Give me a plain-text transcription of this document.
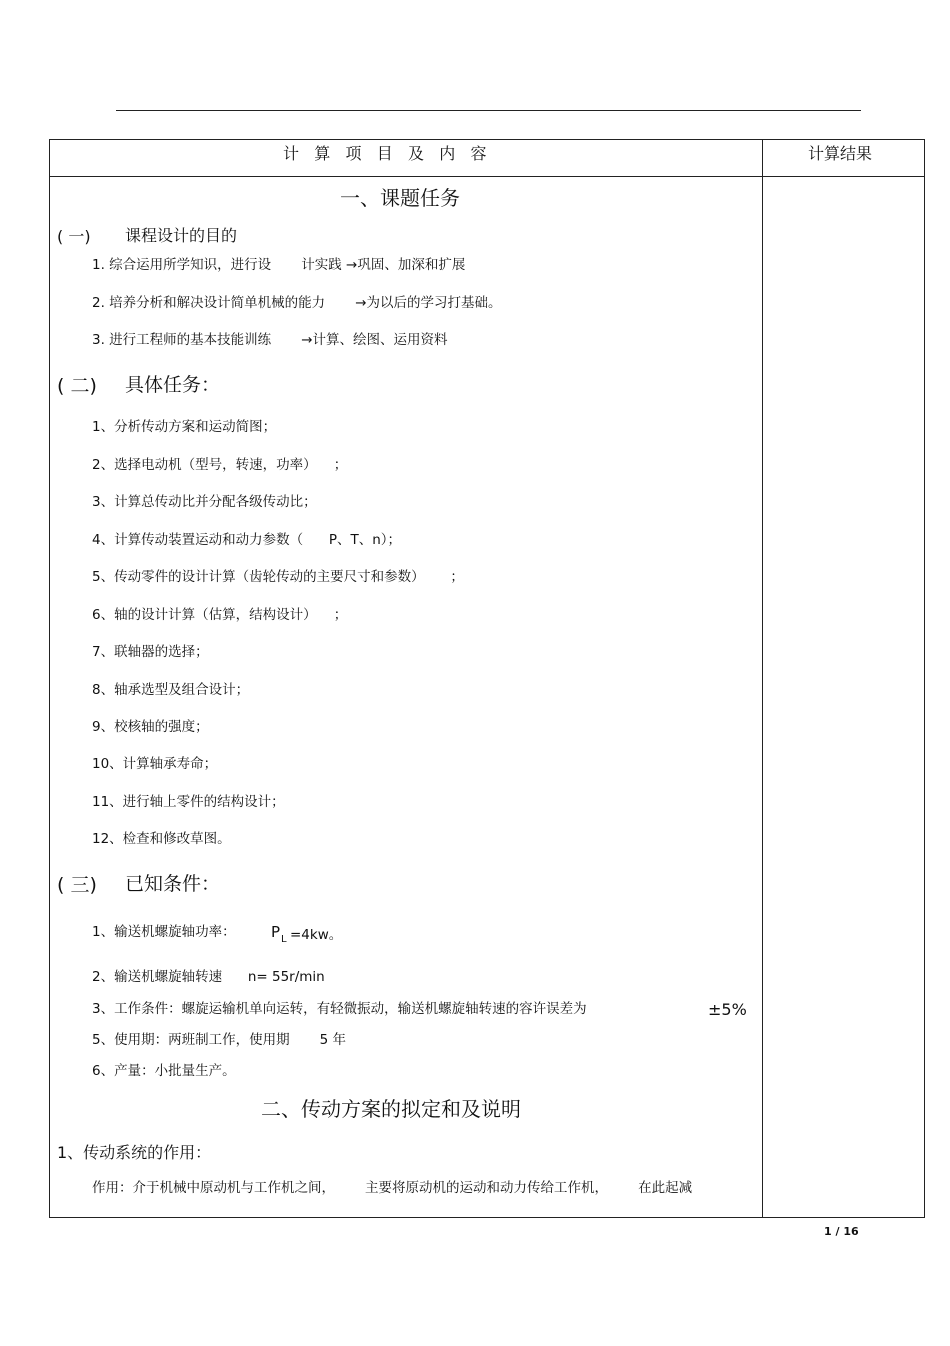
计   算   项   目   及   内   容	计算结果
一、课题任务
( 一) 课程设计的目的
1. 综合运用所学知识，进行设       计实践 →巩固、加深和扩展
2. 培养分析和解决设计简单机械的能力       →为以后的学习打基础。
3. 进行工程师的基本技能训练       →计算、绘图、运用资料
( 二) 具体任务：
1、分析传动方案和运动简图；
2、选择电动机（型号，转速，功率）    ；
3、计算总传动比并分配各级传动比；
4、计算传动装置运动和动力参数（      P、T、n）；
5、传动零件的设计计算（齿轮传动的主要尺寸和参数）      ；
6、轴的设计计算（估算，结构设计）    ；
7、联轴器的选择；
8、轴承选型及组合设计；
9、校核轴的强度；
10、计算轴承寿命；
11、进行轴上零件的结构设计；
12、检查和修改草图。
( 三) 已知条件：
1、输送机螺旋轴功率： P L =4kw。
2、输送机螺旋轴转速      n= 55r/min
3、工作条件：螺旋运输机单向运转，有轻微振动，输送机螺旋轴转速的容许误差为	±5%
5、使用期：两班制工作，使用期       5 年
6、产量：小批量生产。
二、传动方案的拟定和及说明
1、传动系统的作用：
作用：介于机械中原动机与工作机之间，       主要将原动机的运动和动力传给工作机，       在此起减
1 / 16
